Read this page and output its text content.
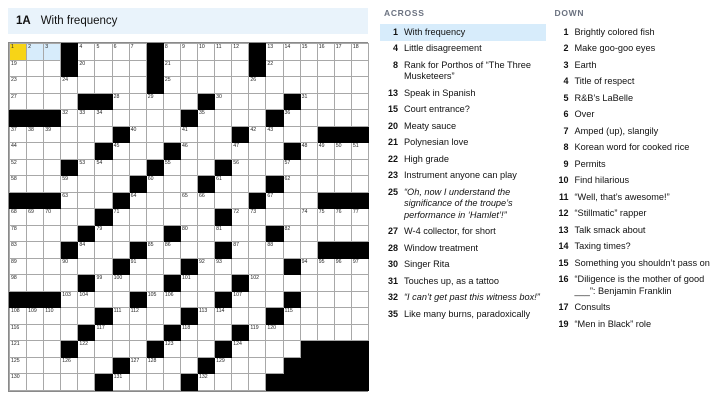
1A With frequency
1	2	3		4	5	6	7		8	9	10	11	12		13	14	15	16	17	18

19				20					21						22					

23			24						25					26						

27						28		29				30					31			

			32	33	34						35					36				

37	38	39					40			41				42	43					

44						45				46			47				48	49	50	51

52				53	54				55				56			57				

58			59					60				61				62				

			63				64			65	66				67					

68	69	70				71							72	73			74	75	76	77

78					79					80		81				82				

83				84				85	86				87		88					

89			90				91				92	93					94	95	96	97

98					99	100				101				102						

			103	104				105	106				107							

108	109	110				111	112				113	114				115				

116					117					118				119	120					

121				122					123				124							

125			126				127	128				129								

130						131					132									

ACROSS
1 With frequency
4 Little disagreement
8 Rank for Porthos of “The Three Musketeers”
13 Speak in Spanish
15 Court entrance?
20 Meaty sauce
21 Polynesian love
22 High grade
23 Instrument anyone can play
25 “Oh, now I understand the significance of the troupe’s performance in ‘Hamlet’!”
27 W-4 collector, for short
28 Window treatment
30 Singer Rita
31 Touches up, as a tattoo
32 “I can’t get past this witness box!”
35 Like many burns, paradoxically
DOWN
1 Brightly colored fish
2 Make goo-goo eyes
3 Earth
4 Title of respect
5 R&B’s LaBelle
6 Over
7 Amped (up), slangily
8 Korean word for cooked rice
9 Permits
10 Find hilarious
11 “Well, that’s awesome!”
12 “Stillmatic” rapper
13 Talk smack about
14 Taxing times?
15 Something you shouldn’t pass on
16 “Diligence is the mother of good ___”: Benjamin Franklin
17 Consults
19 “Men in Black” role
